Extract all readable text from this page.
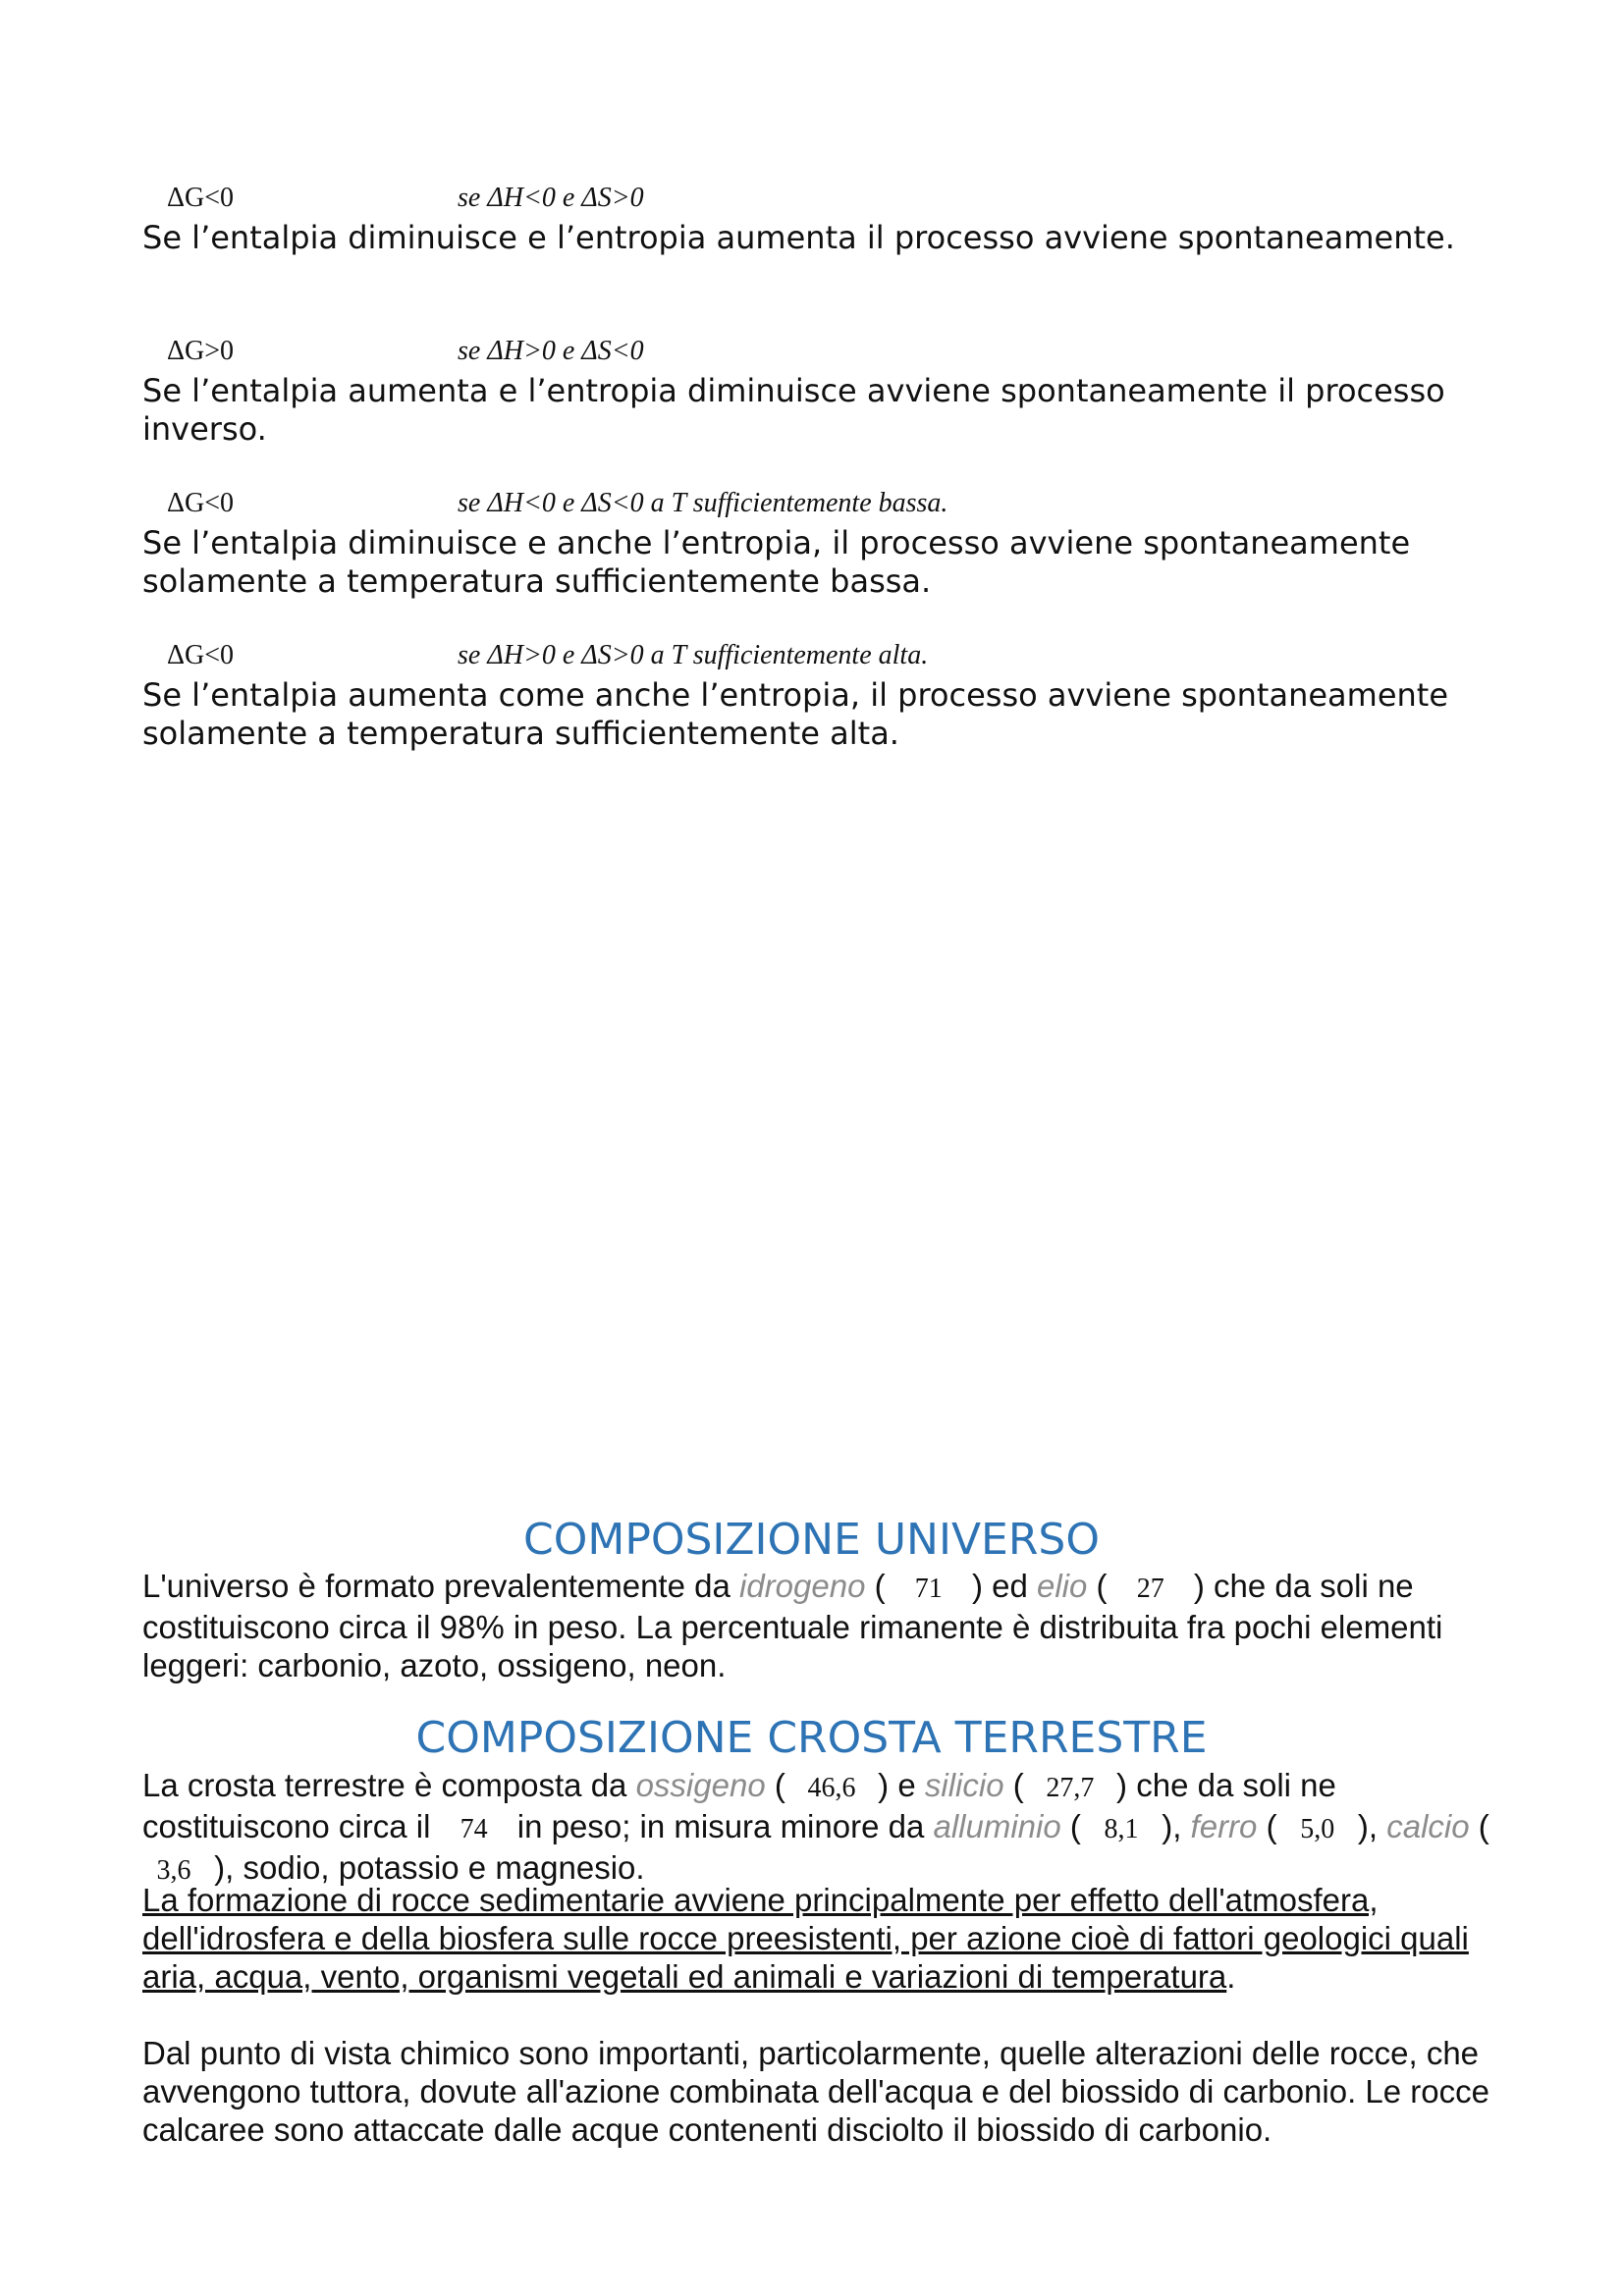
ΔG<0	se ΔH<0 e ΔS>0

Se l’entalpia diminuisce e l’entropia aumenta il processo avviene spontaneamente.

ΔG>0	se ΔH>0 e ΔS<0

Se l’entalpia aumenta e l’entropia diminuisce avviene spontaneamente il processo inverso.

ΔG<0	se ΔH<0 e ΔS<0 a T sufficientemente bassa.

Se l’entalpia diminuisce e anche l’entropia, il processo avviene spontaneamente solamente a temperatura sufficientemente bassa.

ΔG<0	se ΔH>0 e ΔS>0 a T sufficientemente alta.

Se l’entalpia aumenta come anche l’entropia, il processo avviene spontaneamente solamente a temperatura sufficientemente alta.

COMPOSIZIONE UNIVERSO

L'universo è formato prevalentemente da idrogeno ( 71 ) ed elio ( 27 ) che da soli ne costituiscono circa il 98% in peso. La percentuale rimanente è distribuita fra pochi elementi leggeri: carbonio, azoto, ossigeno, neon.

COMPOSIZIONE CROSTA TERRESTRE

La crosta terrestre è composta da ossigeno ( 46,6 ) e silicio ( 27,7 ) che da soli ne costituiscono circa il 74 in peso; in misura minore da alluminio ( 8,1 ), ferro ( 5,0 ), calcio ( 3,6 ), sodio, potassio e magnesio.

La formazione di rocce sedimentarie avviene principalmente per effetto dell'atmosfera, dell'idrosfera e della biosfera sulle rocce preesistenti, per azione cioè di fattori geologici quali aria, acqua, vento, organismi vegetali ed animali e variazioni di temperatura.

Dal punto di vista chimico sono importanti, particolarmente, quelle alterazioni delle rocce, che avvengono tuttora, dovute all'azione combinata dell'acqua e del biossido di carbonio. Le rocce calcaree sono attaccate dalle acque contenenti disciolto il biossido di carbonio.
